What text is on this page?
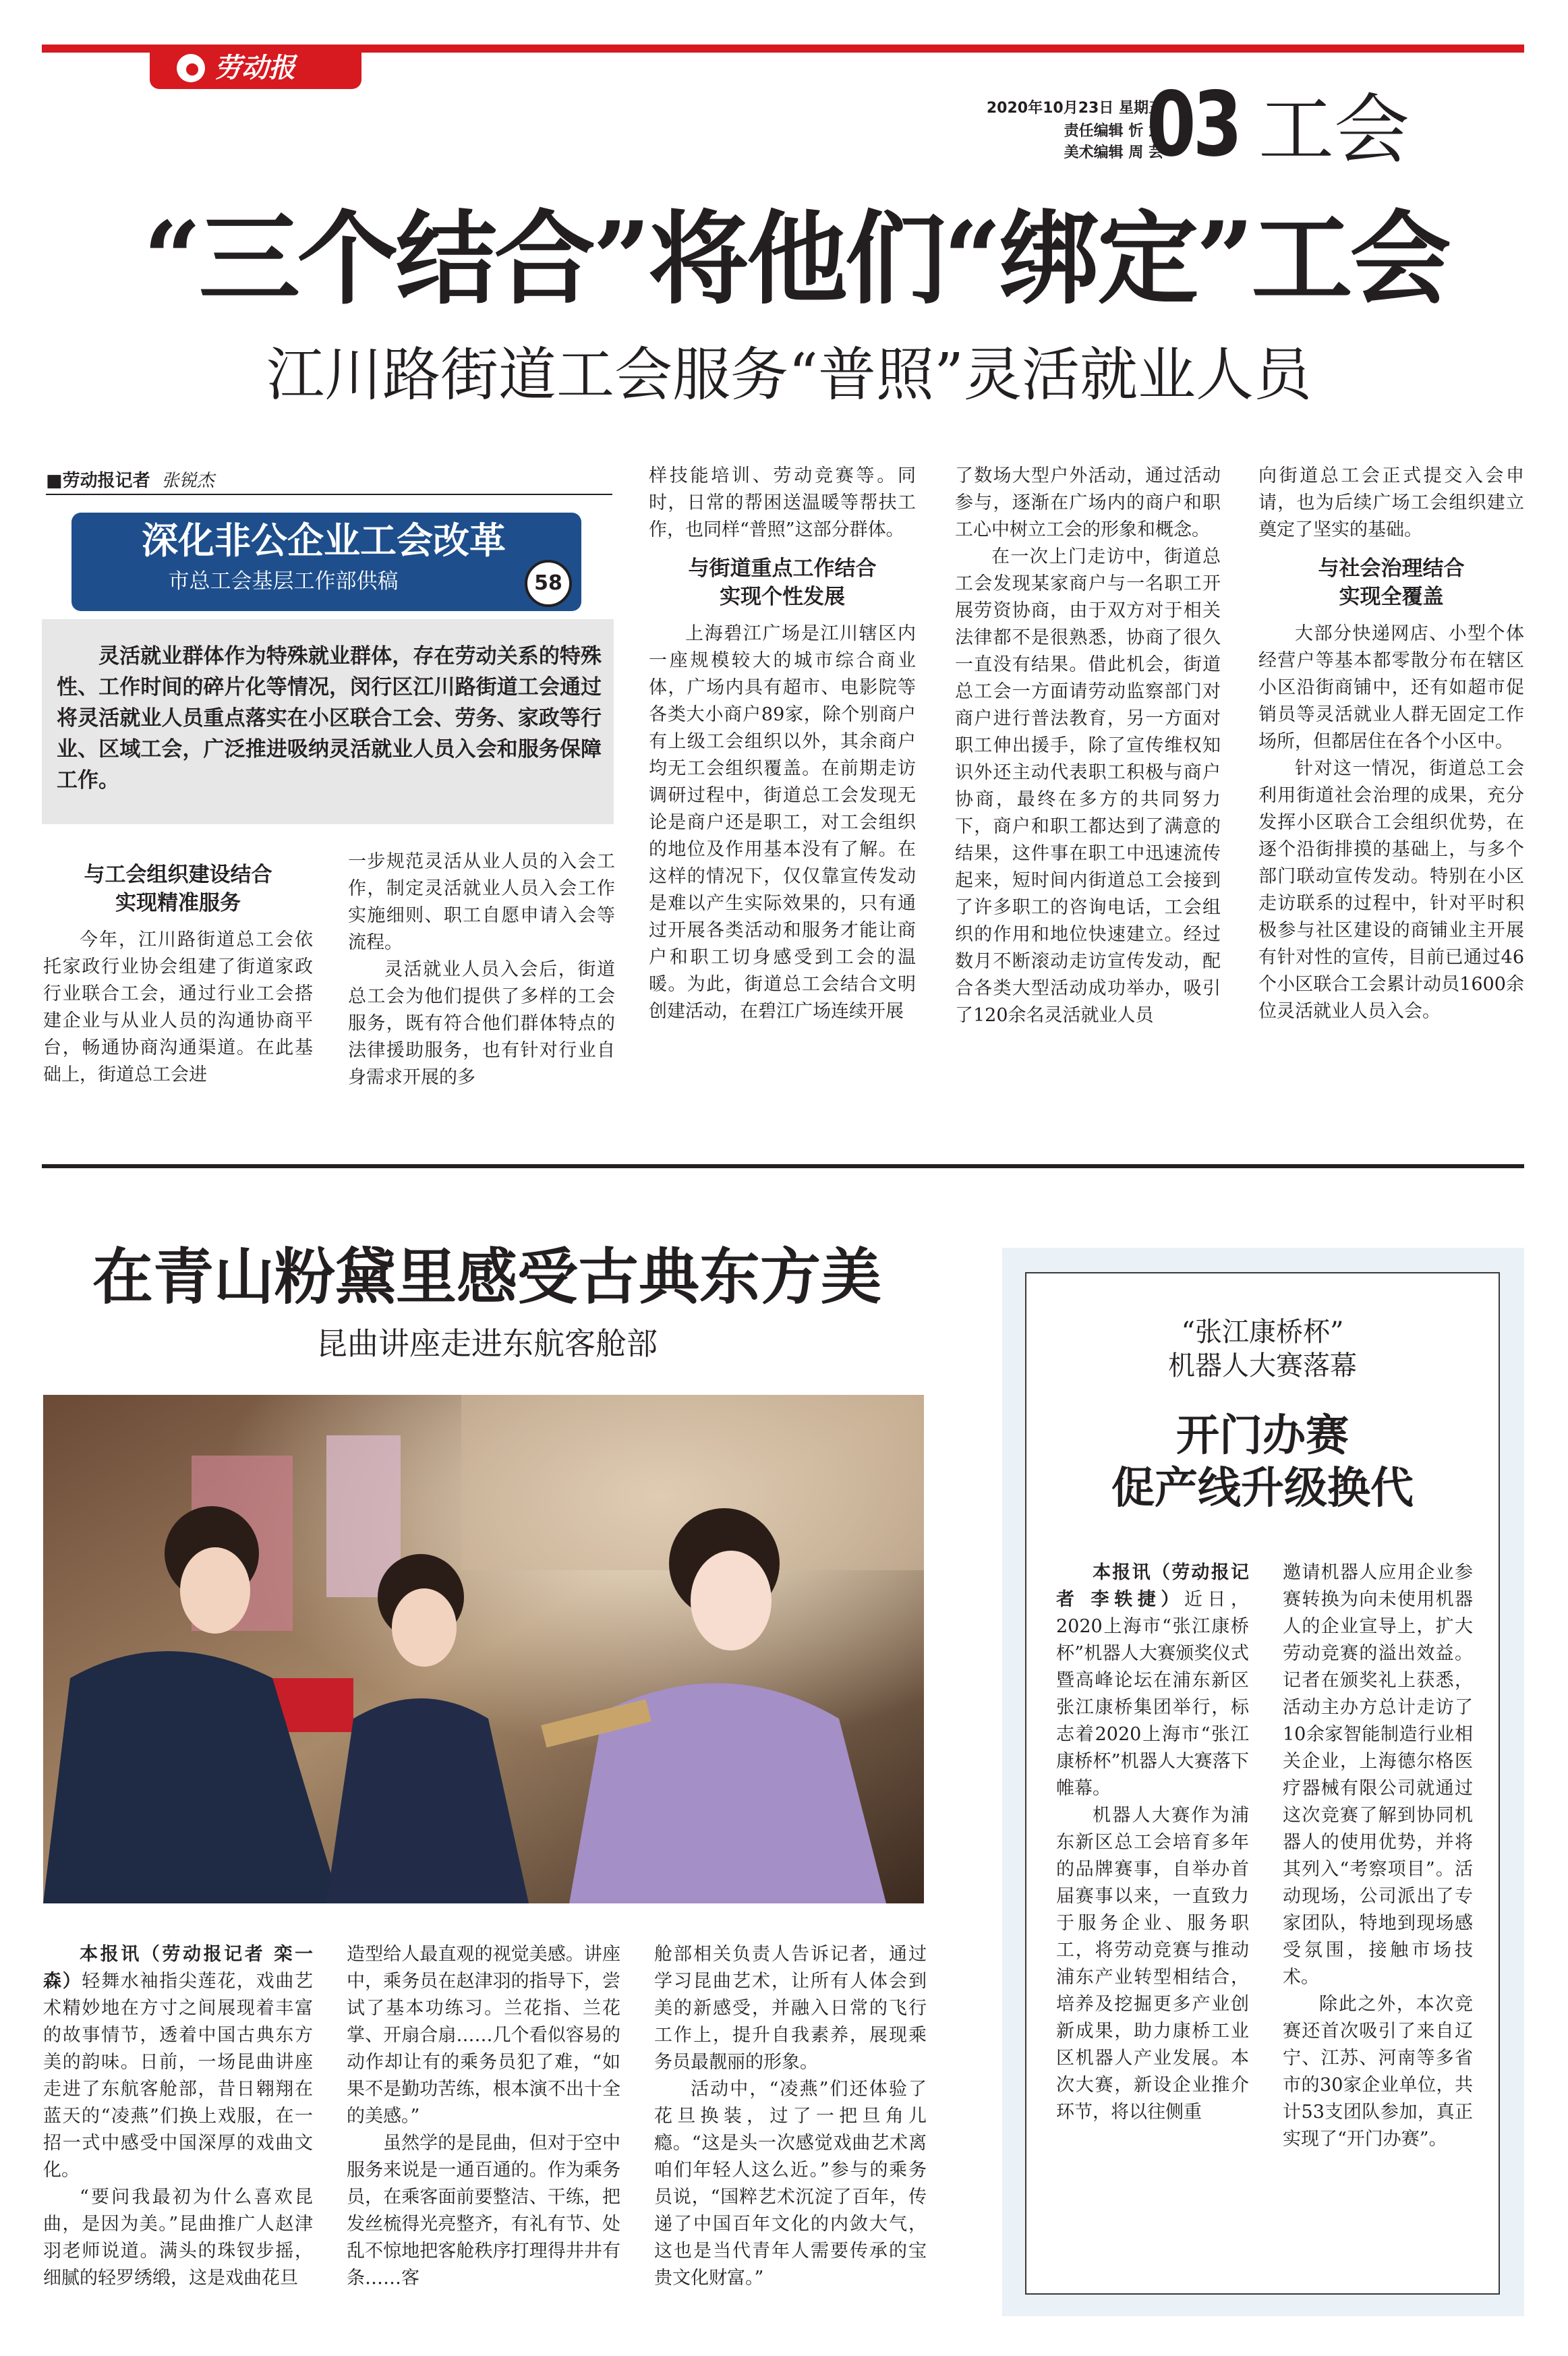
劳动报
2020年10月23日 星期五
责任编辑 忻 意
美术编辑 周 芸
03 工会
“三个结合”将他们“绑定”工会
江川路街道工会服务“普照”灵活就业人员
■劳动报记者 张锐杰
深化非公企业工会改革
市总工会基层工作部供稿	58

灵活就业群体作为特殊就业群体，存在劳动关系的特殊性、工作时间的碎片化等情况，闵行区江川路街道工会通过将灵活就业人员重点落实在小区联合工会、劳务、家政等行业、区域工会，广泛推进吸纳灵活就业人员入会和服务保障工作。

与工会组织建设结合
实现精准服务

今年，江川路街道总工会依托家政行业协会组建了街道家政行业联合工会，通过行业工会搭建企业与从业人员的沟通协商平台，畅通协商沟通渠道。在此基础上，街道总工会进

一步规范灵活从业人员的入会工作，制定灵活就业人员入会工作实施细则、职工自愿申请入会等流程。

灵活就业人员入会后，街道总工会为他们提供了多样的工会服务，既有符合他们群体特点的法律援助服务，也有针对行业自身需求开展的多

样技能培训、劳动竞赛等。同时，日常的帮困送温暖等帮扶工作，也同样“普照”这部分群体。

与街道重点工作结合
实现个性发展

上海碧江广场是江川辖区内一座规模较大的城市综合商业体，广场内具有超市、电影院等各类大小商户89家，除个别商户有上级工会组织以外，其余商户均无工会组织覆盖。在前期走访调研过程中，街道总工会发现无论是商户还是职工，对工会组织的地位及作用基本没有了解。在这样的情况下，仅仅靠宣传发动是难以产生实际效果的，只有通过开展各类活动和服务才能让商户和职工切身感受到工会的温暖。为此，街道总工会结合文明创建活动，在碧江广场连续开展

了数场大型户外活动，通过活动参与，逐渐在广场内的商户和职工心中树立工会的形象和概念。

在一次上门走访中，街道总工会发现某家商户与一名职工开展劳资协商，由于双方对于相关法律都不是很熟悉，协商了很久一直没有结果。借此机会，街道总工会一方面请劳动监察部门对商户进行普法教育，另一方面对职工伸出援手，除了宣传维权知识外还主动代表职工积极与商户协商，最终在多方的共同努力下，商户和职工都达到了满意的结果，这件事在职工中迅速流传起来，短时间内街道总工会接到了许多职工的咨询电话，工会组织的作用和地位快速建立。经过数月不断滚动走访宣传发动，配合各类大型活动成功举办，吸引了120余名灵活就业人员

向街道总工会正式提交入会申请，也为后续广场工会组织建立奠定了坚实的基础。

与社会治理结合
实现全覆盖

大部分快递网店、小型个体经营户等基本都零散分布在辖区小区沿街商铺中，还有如超市促销员等灵活就业人群无固定工作场所，但都居住在各个小区中。

针对这一情况，街道总工会利用街道社会治理的成果，充分发挥小区联合工会组织优势，在逐个沿街排摸的基础上，与多个部门联动宣传发动。特别在小区走访联系的过程中，针对平时积极参与社区建设的商铺业主开展有针对性的宣传，目前已通过46个小区联合工会累计动员1600余位灵活就业人员入会。

在青山粉黛里感受古典东方美
昆曲讲座走进东航客舱部

本报讯（劳动报记者 栾一森）轻舞水袖指尖莲花，戏曲艺术精妙地在方寸之间展现着丰富的故事情节，透着中国古典东方美的韵味。日前，一场昆曲讲座走进了东航客舱部，昔日翱翔在蓝天的“凌燕”们换上戏服，在一招一式中感受中国深厚的戏曲文化。

“要问我最初为什么喜欢昆曲，是因为美。”昆曲推广人赵津羽老师说道。满头的珠钗步摇，细腻的轻罗绣缎，这是戏曲花旦

造型给人最直观的视觉美感。讲座中，乘务员在赵津羽的指导下，尝试了基本功练习。兰花指、兰花掌、开扇合扇……几个看似容易的动作却让有的乘务员犯了难，“如果不是勤功苦练，根本演不出十全的美感。”

虽然学的是昆曲，但对于空中服务来说是一通百通的。作为乘务员，在乘客面前要整洁、干练，把发丝梳得光亮整齐，有礼有节、处乱不惊地把客舱秩序打理得井井有条……客

舱部相关负责人告诉记者，通过学习昆曲艺术，让所有人体会到美的新感受，并融入日常的飞行工作上，提升自我素养，展现乘务员最靓丽的形象。

活动中，“凌燕”们还体验了花旦换装，过了一把旦角儿瘾。“这是头一次感觉戏曲艺术离咱们年轻人这么近。”参与的乘务员说，“国粹艺术沉淀了百年，传递了中国百年文化的内敛大气，这也是当代青年人需要传承的宝贵文化财富。”

“张江康桥杯”
机器人大赛落幕
开门办赛
促产线升级换代

本报讯（劳动报记者 李轶捷）近日，2020上海市“张江康桥杯”机器人大赛颁奖仪式暨高峰论坛在浦东新区张江康桥集团举行，标志着2020上海市“张江康桥杯”机器人大赛落下帷幕。

机器人大赛作为浦东新区总工会培育多年的品牌赛事，自举办首届赛事以来，一直致力于服务企业、服务职工，将劳动竞赛与推动浦东产业转型相结合，培养及挖掘更多产业创新成果，助力康桥工业区机器人产业发展。本次大赛，新设企业推介环节，将以往侧重

邀请机器人应用企业参赛转换为向未使用机器人的企业宣导上，扩大劳动竞赛的溢出效益。记者在颁奖礼上获悉，活动主办方总计走访了10余家智能制造行业相关企业，上海德尔格医疗器械有限公司就通过这次竞赛了解到协同机器人的使用优势，并将其列入“考察项目”。活动现场，公司派出了专家团队，特地到现场感受氛围，接触市场技术。

除此之外，本次竞赛还首次吸引了来自辽宁、江苏、河南等多省市的30家企业单位，共计53支团队参加，真正实现了“开门办赛”。
